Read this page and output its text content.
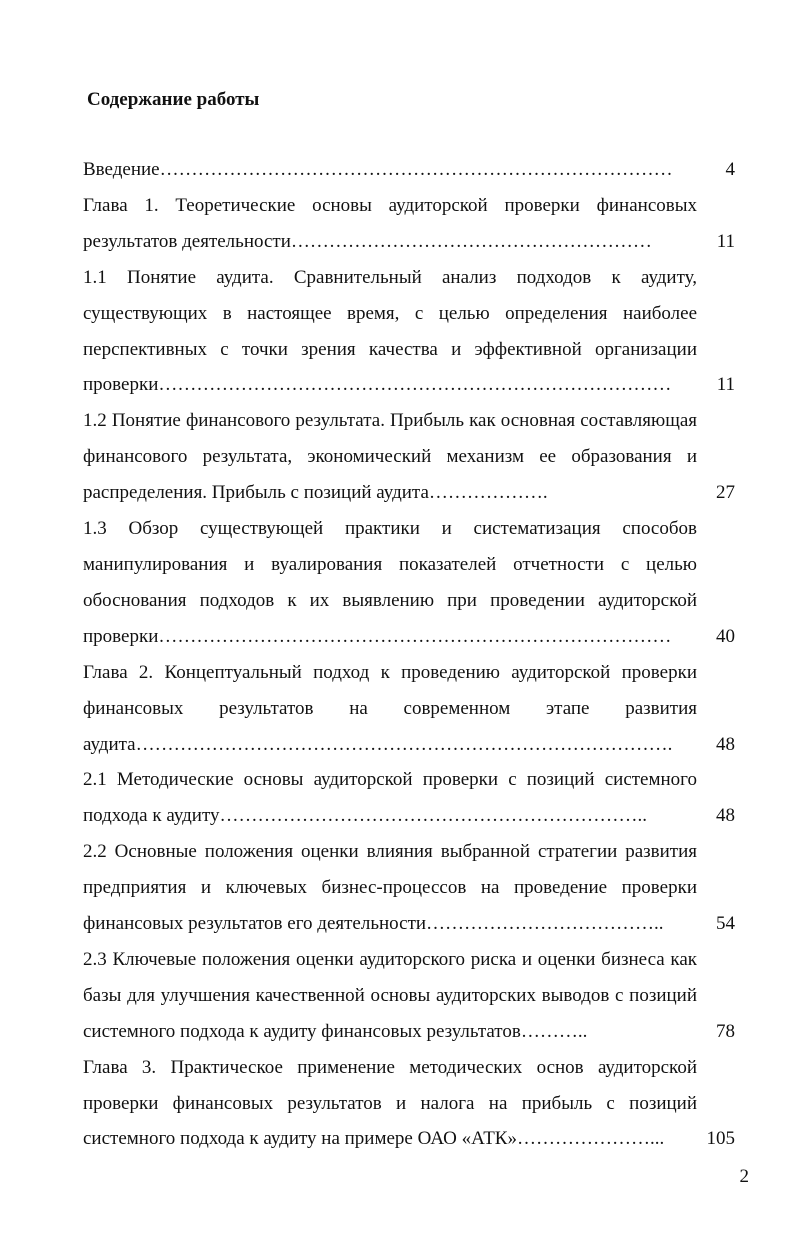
Содержание работы
Введение………………………………………………………………………	4
Глава 1. Теоретические основы аудиторской проверки финансовых результатов деятельности…………………………………………………	11
1.1 Понятие аудита. Сравнительный анализ подходов к аудиту, существующих в настоящее время, с целью определения наиболее перспективных с точки зрения качества и эффективной организации проверки………………………………………………………………………	11
1.2 Понятие финансового результата. Прибыль как основная составляющая финансового результата, экономический механизм ее образования и распределения. Прибыль с позиций аудита……………….	27
1.3 Обзор существующей практики и систематизация способов манипулирования и вуалирования показателей отчетности с целью обоснования подходов к их выявлению при проведении аудиторской проверки………………………………………………………………………	40
Глава 2. Концептуальный подход к проведению аудиторской проверки финансовых результатов на современном этапе развития аудита………………………………………………………………………….	48
2.1 Методические основы аудиторской проверки с позиций системного подхода к аудиту…………………………………………………………..	48
2.2 Основные положения оценки влияния выбранной стратегии развития предприятия и ключевых бизнес-процессов на проведение проверки финансовых результатов его деятельности………………………………..	54
2.3 Ключевые положения оценки аудиторского риска и оценки бизнеса как базы для улучшения качественной основы аудиторских выводов с позиций системного подхода к аудиту финансовых результатов………..	78
Глава 3. Практическое применение методических основ аудиторской проверки финансовых результатов и налога на прибыль с позиций системного подхода к аудиту на примере ОАО «АТК»…………………...	105
2
